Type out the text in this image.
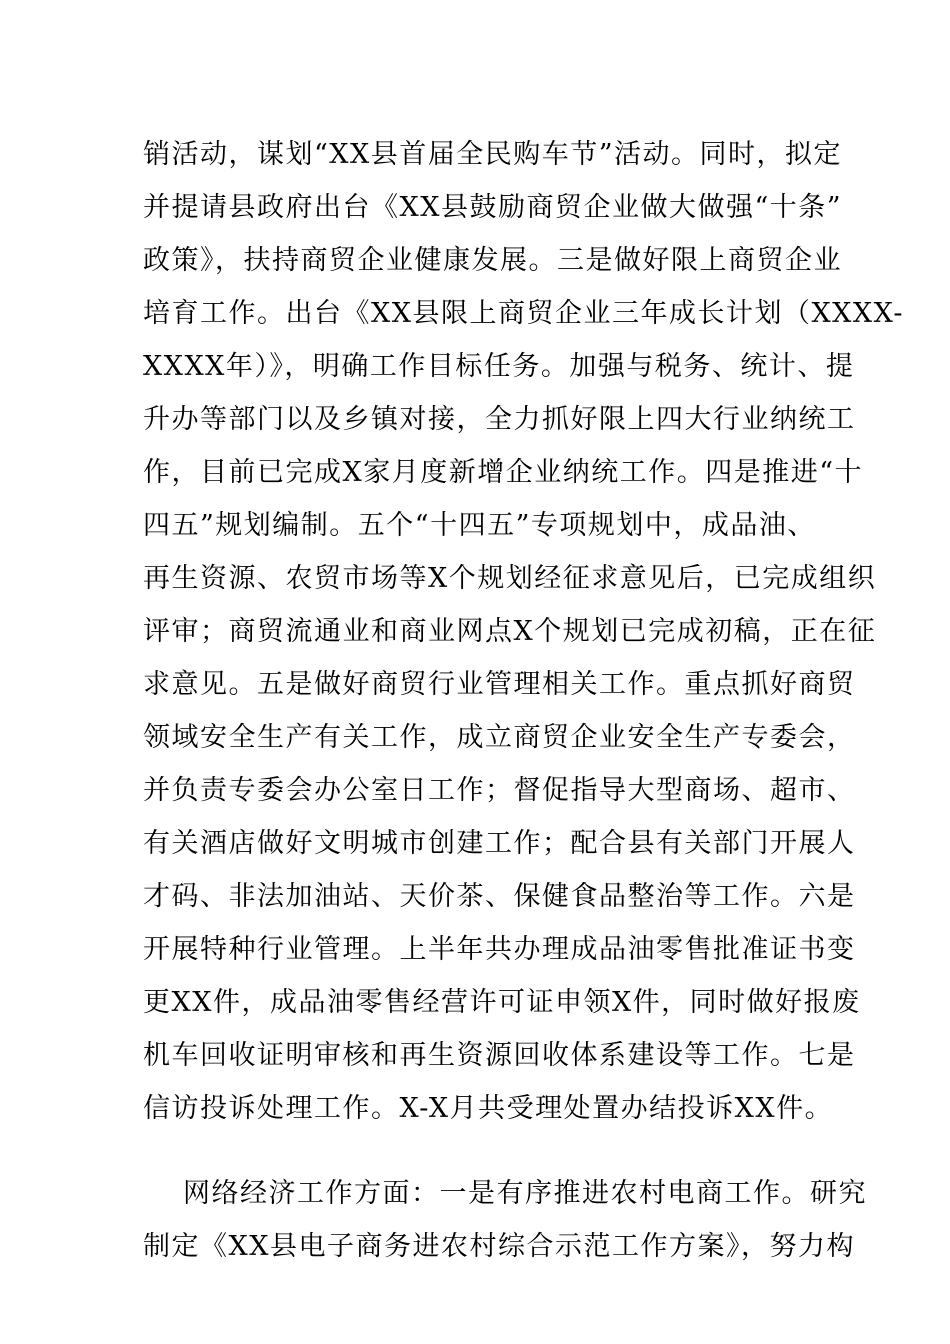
销活动，谋划“XX县首届全民购车节”活动。同时，拟定
并提请县政府出台《XX县鼓励商贸企业做大做强“十条”
政策》，扶持商贸企业健康发展。三是做好限上商贸企业
培育工作。出台《XX县限上商贸企业三年成长计划（XXXX-
XXXX年）》，明确工作目标任务。加强与税务、统计、提
升办等部门以及乡镇对接，全力抓好限上四大行业纳统工
作，目前已完成X家月度新增企业纳统工作。四是推进“十
四五”规划编制。五个“十四五”专项规划中，成品油、
再生资源、农贸市场等X个规划经征求意见后，已完成组织
评审；商贸流通业和商业网点X个规划已完成初稿，正在征
求意见。五是做好商贸行业管理相关工作。重点抓好商贸
领域安全生产有关工作，成立商贸企业安全生产专委会，
并负责专委会办公室日工作；督促指导大型商场、超市、
有关酒店做好文明城市创建工作；配合县有关部门开展人
才码、非法加油站、天价茶、保健食品整治等工作。六是
开展特种行业管理。上半年共办理成品油零售批准证书变
更XX件，成品油零售经营许可证申领X件，同时做好报废
机车回收证明审核和再生资源回收体系建设等工作。七是
信访投诉处理工作。X-X月共受理处置办结投诉XX件。
网络经济工作方面：一是有序推进农村电商工作。研究
制定《XX县电子商务进农村综合示范工作方案》，努力构
